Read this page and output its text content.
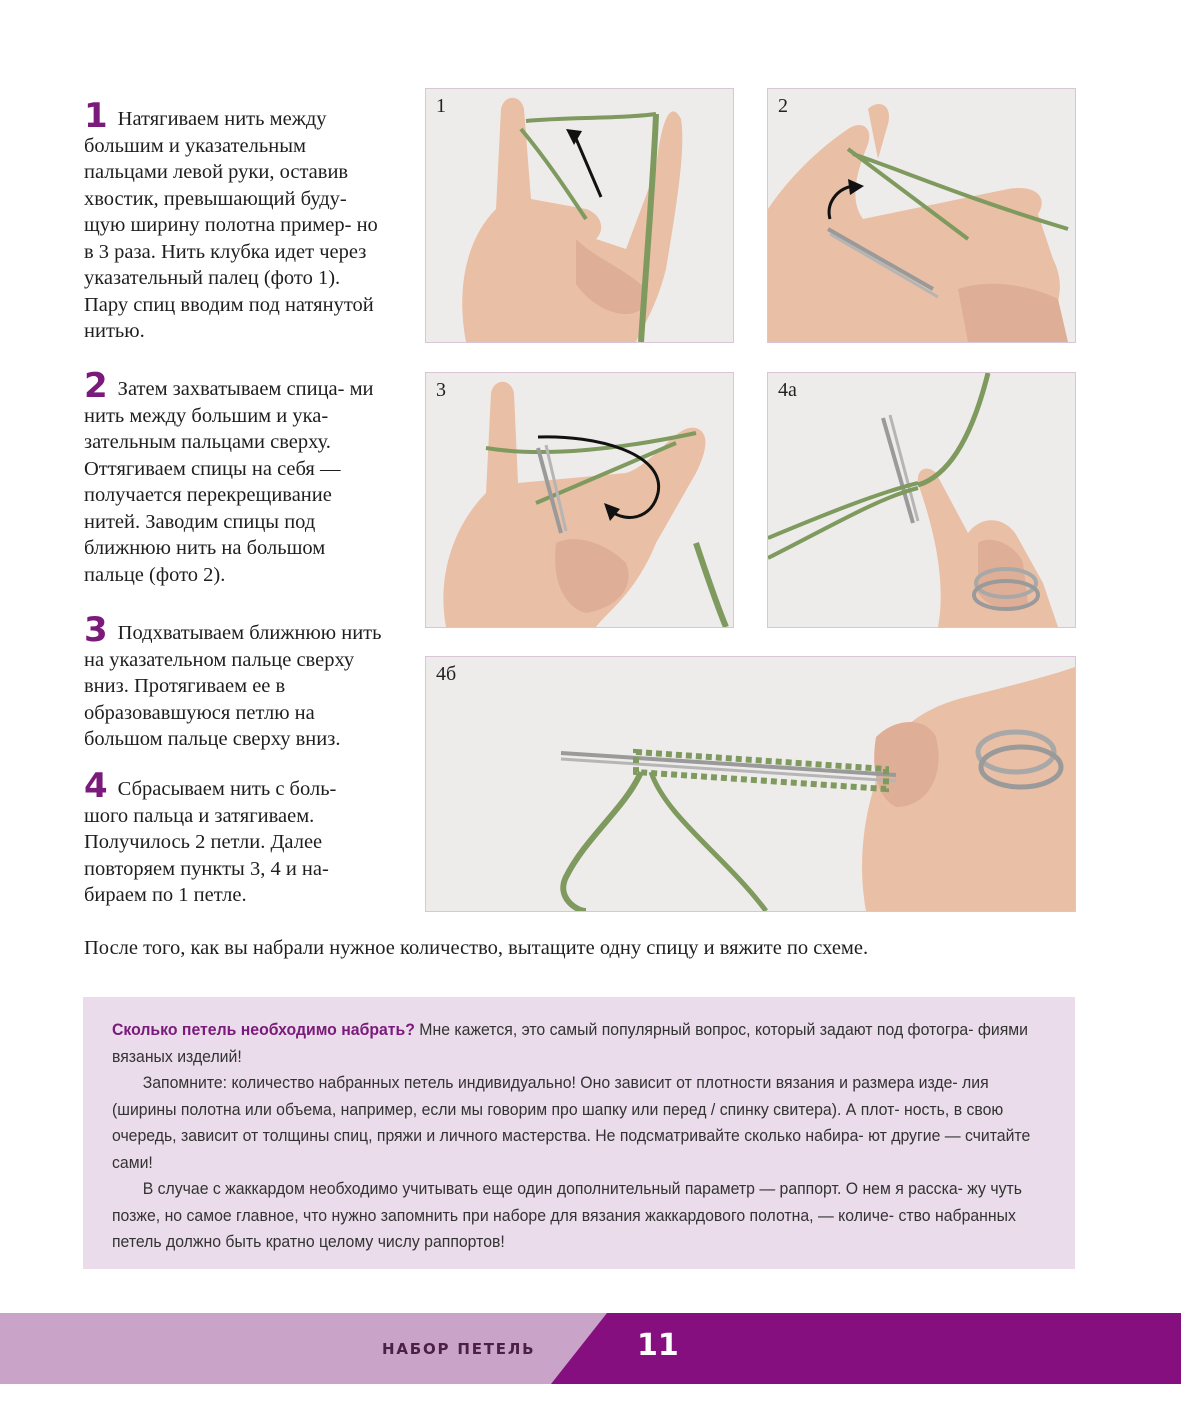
1 Натягиваем нить между большим и указательным пальцами левой руки, оставив хвостик, превышающий буду- щую ширину полотна пример- но в 3 раза. Нить клубка идет через указательный палец (фото 1). Пару спиц вводим под натянутой нитью.

2 Затем захватываем спица- ми нить между большим и ука- зательным пальцами сверху. Оттягиваем спицы на себя — получается перекрещивание нитей. Заводим спицы под ближнюю нить на большом пальце (фото 2).

3 Подхватываем ближнюю нить на указательном пальце сверху вниз. Протягиваем ее в образовавшуюся петлю на большом пальце сверху вниз.

4 Сбрасываем нить с боль- шого пальца и затягиваем. Получилось 2 петли. Далее повторяем пункты 3, 4 и на- бираем по 1 петле.

1	2
3	4а
4б
После того, как вы набрали нужное количество, вытащите одну спицу и вяжите по схеме.

Сколько петель необходимо набрать? Мне кажется, это самый популярный вопрос, который задают под фотогра- фиями вязаных изделий!

Запомните: количество набранных петель индивидуально! Оно зависит от плотности вязания и размера изде- лия (ширины полотна или объема, например, если мы говорим про шапку или перед / спинку свитера). А плот- ность, в свою очередь, зависит от толщины спиц, пряжи и личного мастерства. Не подсматривайте сколько набира- ют другие — считайте сами!

В случае с жаккардом необходимо учитывать еще один дополнительный параметр — раппорт. О нем я расска- жу чуть позже, но самое главное, что нужно запомнить при наборе для вязания жаккардового полотна, — количе- ство набранных петель должно быть кратно целому числу раппортов!

НАБОР ПЕТЕЛЬ	11
